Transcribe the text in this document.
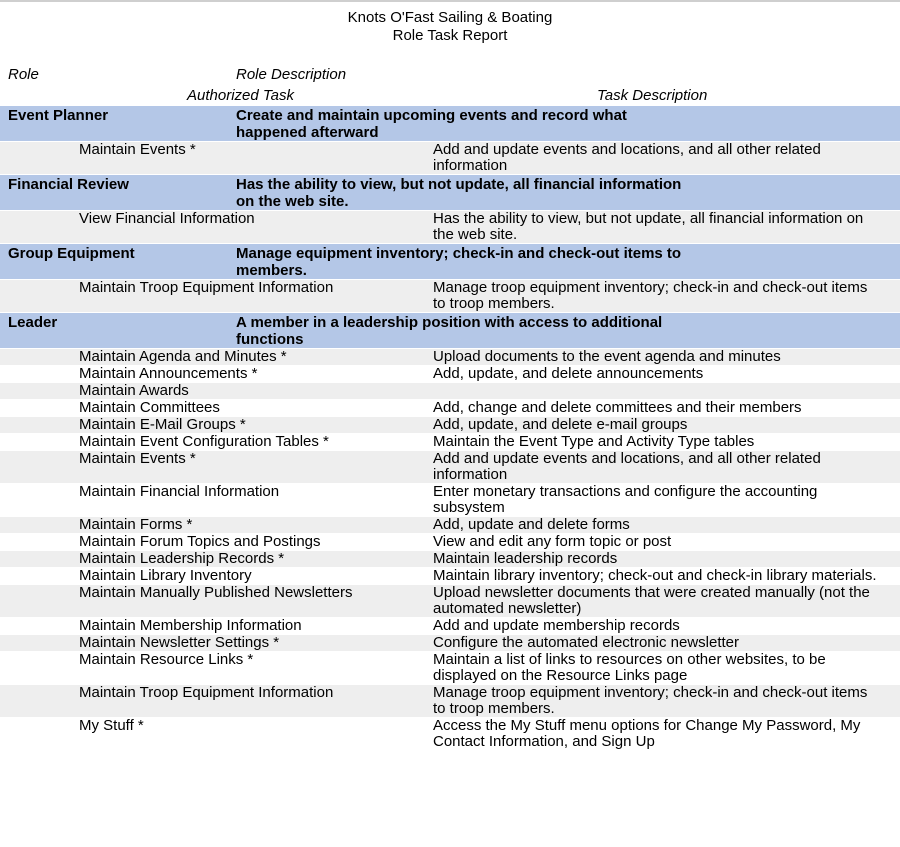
Knots O'Fast Sailing & Boating
Role Task Report
Role	Role Description
Authorized Task	Task Description
Event Planner	Create and maintain upcoming events and record what happened afterward
Maintain Events *	Add and update events and locations, and all other related information
Financial Review	Has the ability to view, but not update, all financial information on the web site.
View Financial Information	Has the ability to view, but not update, all financial information on the web site.
Group Equipment	Manage equipment inventory; check-in and check-out items to members.
Maintain Troop Equipment Information	Manage troop equipment inventory; check-in and check-out items to troop members.
Leader	A member in a leadership position with access to additional functions
Maintain Agenda and Minutes *	Upload documents to the event agenda and minutes
Maintain Announcements *	Add, update, and delete announcements
Maintain Awards

Maintain Committees	Add, change and delete committees and their members
Maintain E-Mail Groups *	Add, update, and delete e-mail groups
Maintain Event Configuration Tables *	Maintain the Event Type and Activity Type tables
Maintain Events *	Add and update events and locations, and all other related information
Maintain Financial Information	Enter monetary transactions and configure the accounting subsystem
Maintain Forms *	Add, update and delete forms
Maintain Forum Topics and Postings	View and edit any form topic or post
Maintain Leadership Records *	Maintain leadership records
Maintain Library Inventory	Maintain library inventory; check-out and check-in library materials.
Maintain Manually Published Newsletters	Upload newsletter documents that were created manually (not the automated newsletter)
Maintain Membership Information	Add and update membership records
Maintain Newsletter Settings *	Configure the automated electronic newsletter
Maintain Resource Links *	Maintain a list of links to resources on other websites, to be displayed on the Resource Links page
Maintain Troop Equipment Information	Manage troop equipment inventory; check-in and check-out items to troop members.
My Stuff *	Access the My Stuff menu options for Change My Password, My Contact Information, and Sign Up
